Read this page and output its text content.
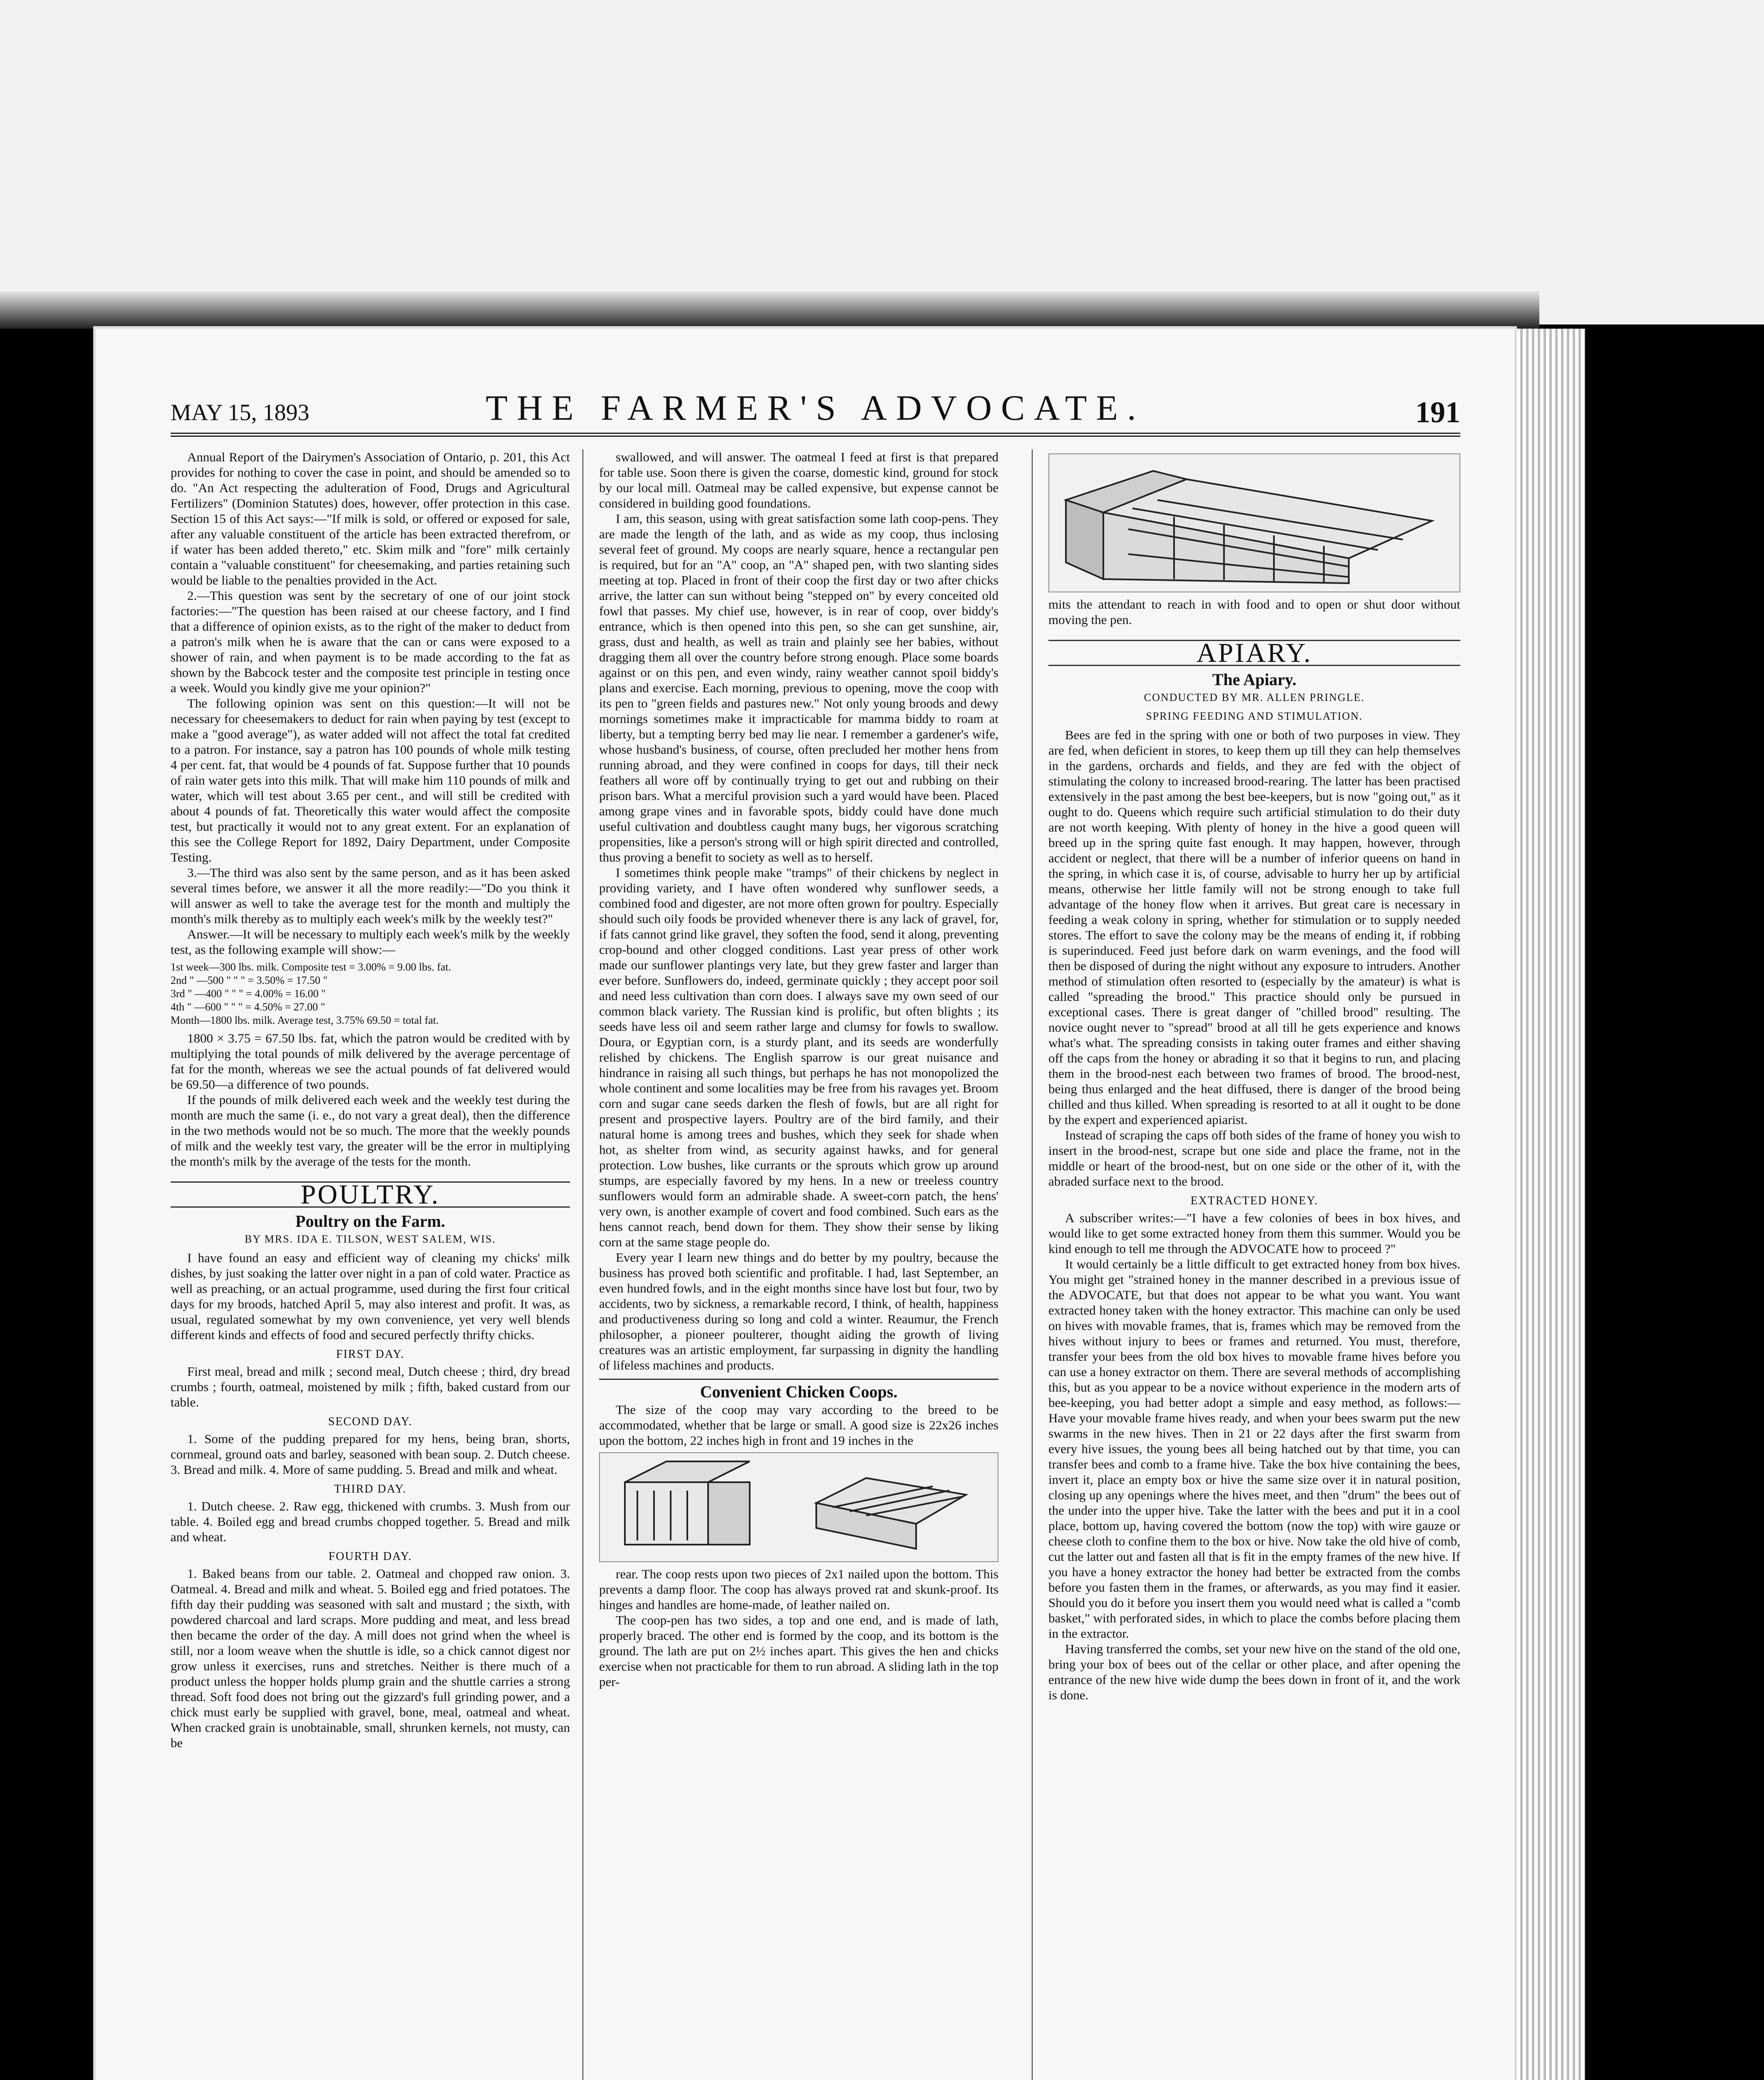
MAY 15, 1893	THE FARMER'S ADVOCATE.	191

Annual Report of the Dairymen's Association of Ontario, p. 201, this Act provides for nothing to cover the case in point, and should be amended so to do. "An Act respecting the adulteration of Food, Drugs and Agricultural Fertilizers" (Dominion Statutes) does, however, offer protection in this case. Section 15 of this Act says:—"If milk is sold, or offered or exposed for sale, after any valuable constituent of the article has been extracted therefrom, or if water has been added thereto," etc. Skim milk and "fore" milk certainly contain a "valuable constituent" for cheesemaking, and parties retaining such would be liable to the penalties provided in the Act.

2.—This question was sent by the secretary of one of our joint stock factories:—"The question has been raised at our cheese factory, and I find that a difference of opinion exists, as to the right of the maker to deduct from a patron's milk when he is aware that the can or cans were exposed to a shower of rain, and when payment is to be made according to the fat as shown by the Babcock tester and the composite test principle in testing once a week. Would you kindly give me your opinion?"

The following opinion was sent on this question:—It will not be necessary for cheesemakers to deduct for rain when paying by test (except to make a "good average"), as water added will not affect the total fat credited to a patron. For instance, say a patron has 100 pounds of whole milk testing 4 per cent. fat, that would be 4 pounds of fat. Suppose further that 10 pounds of rain water gets into this milk. That will make him 110 pounds of milk and water, which will test about 3.65 per cent., and will still be credited with about 4 pounds of fat. Theoretically this water would affect the composite test, but practically it would not to any great extent. For an explanation of this see the College Report for 1892, Dairy Department, under Composite Testing.

3.—The third was also sent by the same person, and as it has been asked several times before, we answer it all the more readily:—"Do you think it will answer as well to take the average test for the month and multiply the month's milk thereby as to multiply each week's milk by the weekly test?"

Answer.—It will be necessary to multiply each week's milk by the weekly test, as the following example will show:—

1st week—300 lbs. milk. Composite test = 3.00% = 9.00 lbs. fat.
2nd " —500 " " " = 3.50% = 17.50 "
3rd " —400 " " " = 4.00% = 16.00 "
4th " —600 " " " = 4.50% = 27.00 "
Month—1800 lbs. milk. Average test, 3.75% 69.50 = total fat.

1800 × 3.75 = 67.50 lbs. fat, which the patron would be credited with by multiplying the total pounds of milk delivered by the average percentage of fat for the month, whereas we see the actual pounds of fat delivered would be 69.50—a difference of two pounds.

If the pounds of milk delivered each week and the weekly test during the month are much the same (i. e., do not vary a great deal), then the difference in the two methods would not be so much. The more that the weekly pounds of milk and the weekly test vary, the greater will be the error in multiplying the month's milk by the average of the tests for the month.

POULTRY.
Poultry on the Farm.
BY MRS. IDA E. TILSON, WEST SALEM, WIS.

I have found an easy and efficient way of cleaning my chicks' milk dishes, by just soaking the latter over night in a pan of cold water. Practice as well as preaching, or an actual programme, used during the first four critical days for my broods, hatched April 5, may also interest and profit. It was, as usual, regulated somewhat by my own convenience, yet very well blends different kinds and effects of food and secured perfectly thrifty chicks.

FIRST DAY.

First meal, bread and milk ; second meal, Dutch cheese ; third, dry bread crumbs ; fourth, oatmeal, moistened by milk ; fifth, baked custard from our table.

SECOND DAY.

1. Some of the pudding prepared for my hens, being bran, shorts, cornmeal, ground oats and barley, seasoned with bean soup. 2. Dutch cheese. 3. Bread and milk. 4. More of same pudding. 5. Bread and milk and wheat.

THIRD DAY.

1. Dutch cheese. 2. Raw egg, thickened with crumbs. 3. Mush from our table. 4. Boiled egg and bread crumbs chopped together. 5. Bread and milk and wheat.

FOURTH DAY.

1. Baked beans from our table. 2. Oatmeal and chopped raw onion. 3. Oatmeal. 4. Bread and milk and wheat. 5. Boiled egg and fried potatoes. The fifth day their pudding was seasoned with salt and mustard ; the sixth, with powdered charcoal and lard scraps. More pudding and meat, and less bread then became the order of the day. A mill does not grind when the wheel is still, nor a loom weave when the shuttle is idle, so a chick cannot digest nor grow unless it exercises, runs and stretches. Neither is there much of a product unless the hopper holds plump grain and the shuttle carries a strong thread. Soft food does not bring out the gizzard's full grinding power, and a chick must early be supplied with gravel, bone, meal, oatmeal and wheat. When cracked grain is unobtainable, small, shrunken kernels, not musty, can be

swallowed, and will answer. The oatmeal I feed at first is that prepared for table use. Soon there is given the coarse, domestic kind, ground for stock by our local mill. Oatmeal may be called expensive, but expense cannot be considered in building good foundations.

I am, this season, using with great satisfaction some lath coop-pens. They are made the length of the lath, and as wide as my coop, thus inclosing several feet of ground. My coops are nearly square, hence a rectangular pen is required, but for an "A" coop, an "A" shaped pen, with two slanting sides meeting at top. Placed in front of their coop the first day or two after chicks arrive, the latter can sun without being "stepped on" by every conceited old fowl that passes. My chief use, however, is in rear of coop, over biddy's entrance, which is then opened into this pen, so she can get sunshine, air, grass, dust and health, as well as train and plainly see her babies, without dragging them all over the country before strong enough. Place some boards against or on this pen, and even windy, rainy weather cannot spoil biddy's plans and exercise. Each morning, previous to opening, move the coop with its pen to "green fields and pastures new." Not only young broods and dewy mornings sometimes make it impracticable for mamma biddy to roam at liberty, but a tempting berry bed may lie near. I remember a gardener's wife, whose husband's business, of course, often precluded her mother hens from running abroad, and they were confined in coops for days, till their neck feathers all wore off by continually trying to get out and rubbing on their prison bars. What a merciful provision such a yard would have been. Placed among grape vines and in favorable spots, biddy could have done much useful cultivation and doubtless caught many bugs, her vigorous scratching propensities, like a person's strong will or high spirit directed and controlled, thus proving a benefit to society as well as to herself.

I sometimes think people make "tramps" of their chickens by neglect in providing variety, and I have often wondered why sunflower seeds, a combined food and digester, are not more often grown for poultry. Especially should such oily foods be provided whenever there is any lack of gravel, for, if fats cannot grind like gravel, they soften the food, send it along, preventing crop-bound and other clogged conditions. Last year press of other work made our sunflower plantings very late, but they grew faster and larger than ever before. Sunflowers do, indeed, germinate quickly ; they accept poor soil and need less cultivation than corn does. I always save my own seed of our common black variety. The Russian kind is prolific, but often blights ; its seeds have less oil and seem rather large and clumsy for fowls to swallow. Doura, or Egyptian corn, is a sturdy plant, and its seeds are wonderfully relished by chickens. The English sparrow is our great nuisance and hindrance in raising all such things, but perhaps he has not monopolized the whole continent and some localities may be free from his ravages yet. Broom corn and sugar cane seeds darken the flesh of fowls, but are all right for present and prospective layers. Poultry are of the bird family, and their natural home is among trees and bushes, which they seek for shade when hot, as shelter from wind, as security against hawks, and for general protection. Low bushes, like currants or the sprouts which grow up around stumps, are especially favored by my hens. In a new or treeless country sunflowers would form an admirable shade. A sweet-corn patch, the hens' very own, is another example of covert and food combined. Such ears as the hens cannot reach, bend down for them. They show their sense by liking corn at the same stage people do.

Every year I learn new things and do better by my poultry, because the business has proved both scientific and profitable. I had, last September, an even hundred fowls, and in the eight months since have lost but four, two by accidents, two by sickness, a remarkable record, I think, of health, happiness and productiveness during so long and cold a winter. Reaumur, the French philosopher, a pioneer poulterer, thought aiding the growth of living creatures was an artistic employment, far surpassing in dignity the handling of lifeless machines and products.

Convenient Chicken Coops.

The size of the coop may vary according to the breed to be accommodated, whether that be large or small. A good size is 22x26 inches upon the bottom, 22 inches high in front and 19 inches in the

rear. The coop rests upon two pieces of 2x1 nailed upon the bottom. This prevents a damp floor. The coop has always proved rat and skunk-proof. Its hinges and handles are home-made, of leather nailed on.

The coop-pen has two sides, a top and one end, and is made of lath, properly braced. The other end is formed by the coop, and its bottom is the ground. The lath are put on 2½ inches apart. This gives the hen and chicks exercise when not practicable for them to run abroad. A sliding lath in the top per-

mits the attendant to reach in with food and to open or shut door without moving the pen.

APIARY.
The Apiary.
CONDUCTED BY MR. ALLEN PRINGLE.
SPRING FEEDING AND STIMULATION.

Bees are fed in the spring with one or both of two purposes in view. They are fed, when deficient in stores, to keep them up till they can help themselves in the gardens, orchards and fields, and they are fed with the object of stimulating the colony to increased brood-rearing. The latter has been practised extensively in the past among the best bee-keepers, but is now "going out," as it ought to do. Queens which require such artificial stimulation to do their duty are not worth keeping. With plenty of honey in the hive a good queen will breed up in the spring quite fast enough. It may happen, however, through accident or neglect, that there will be a number of inferior queens on hand in the spring, in which case it is, of course, advisable to hurry her up by artificial means, otherwise her little family will not be strong enough to take full advantage of the honey flow when it arrives. But great care is necessary in feeding a weak colony in spring, whether for stimulation or to supply needed stores. The effort to save the colony may be the means of ending it, if robbing is superinduced. Feed just before dark on warm evenings, and the food will then be disposed of during the night without any exposure to intruders. Another method of stimulation often resorted to (especially by the amateur) is what is called "spreading the brood." This practice should only be pursued in exceptional cases. There is great danger of "chilled brood" resulting. The novice ought never to "spread" brood at all till he gets experience and knows what's what. The spreading consists in taking outer frames and either shaving off the caps from the honey or abrading it so that it begins to run, and placing them in the brood-nest each between two frames of brood. The brood-nest, being thus enlarged and the heat diffused, there is danger of the brood being chilled and thus killed. When spreading is resorted to at all it ought to be done by the expert and experienced apiarist.

Instead of scraping the caps off both sides of the frame of honey you wish to insert in the brood-nest, scrape but one side and place the frame, not in the middle or heart of the brood-nest, but on one side or the other of it, with the abraded surface next to the brood.

EXTRACTED HONEY.

A subscriber writes:—"I have a few colonies of bees in box hives, and would like to get some extracted honey from them this summer. Would you be kind enough to tell me through the ADVOCATE how to proceed ?"

It would certainly be a little difficult to get extracted honey from box hives. You might get "strained honey in the manner described in a previous issue of the ADVOCATE, but that does not appear to be what you want. You want extracted honey taken with the honey extractor. This machine can only be used on hives with movable frames, that is, frames which may be removed from the hives without injury to bees or frames and returned. You must, therefore, transfer your bees from the old box hives to movable frame hives before you can use a honey extractor on them. There are several methods of accomplishing this, but as you appear to be a novice without experience in the modern arts of bee-keeping, you had better adopt a simple and easy method, as follows:—Have your movable frame hives ready, and when your bees swarm put the new swarms in the new hives. Then in 21 or 22 days after the first swarm from every hive issues, the young bees all being hatched out by that time, you can transfer bees and comb to a frame hive. Take the box hive containing the bees, invert it, place an empty box or hive the same size over it in natural position, closing up any openings where the hives meet, and then "drum" the bees out of the under into the upper hive. Take the latter with the bees and put it in a cool place, bottom up, having covered the bottom (now the top) with wire gauze or cheese cloth to confine them to the box or hive. Now take the old hive of comb, cut the latter out and fasten all that is fit in the empty frames of the new hive. If you have a honey extractor the honey had better be extracted from the combs before you fasten them in the frames, or afterwards, as you may find it easier. Should you do it before you insert them you would need what is called a "comb basket," with perforated sides, in which to place the combs before placing them in the extractor.

Having transferred the combs, set your new hive on the stand of the old one, bring your box of bees out of the cellar or other place, and after opening the entrance of the new hive wide dump the bees down in front of it, and the work is done.
